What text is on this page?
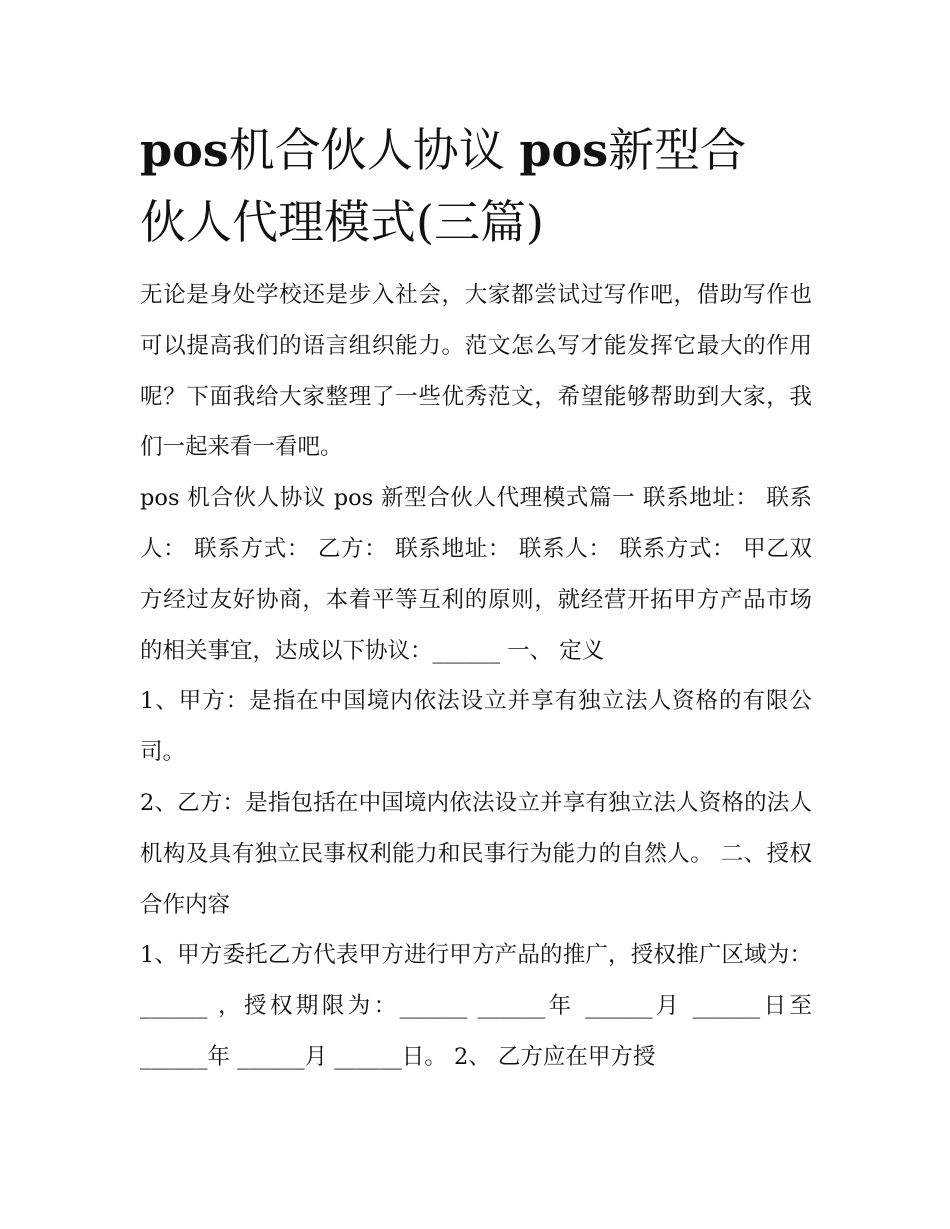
pos机合伙人协议 pos新型合
伙人代理模式(三篇)

无论是身处学校还是步入社会，大家都尝试过写作吧，借助写作也可以提高我们的语言组织能力。范文怎么写才能发挥它最大的作用呢？下面我给大家整理了一些优秀范文，希望能够帮助到大家，我们一起来看一看吧。

pos 机合伙人协议 pos 新型合伙人代理模式篇一 联系地址： 联系人： 联系方式： 乙方： 联系地址： 联系人： 联系方式： 甲乙双方经过友好协商，本着平等互利的原则，就经营开拓甲方产品市场的相关事宜，达成以下协议：______ 一、 定义

1、甲方：是指在中国境内依法设立并享有独立法人资格的有限公司。

2、乙方：是指包括在中国境内依法设立并享有独立法人资格的法人机构及具有独立民事权利能力和民事行为能力的自然人。 二、授权合作内容

1、甲方委托乙方代表甲方进行甲方产品的推广，授权推广区域为：______ ，授权期限为：______ ______年 ______月 ______日至 ______年 ______月 ______日。 2、 乙方应在甲方授
